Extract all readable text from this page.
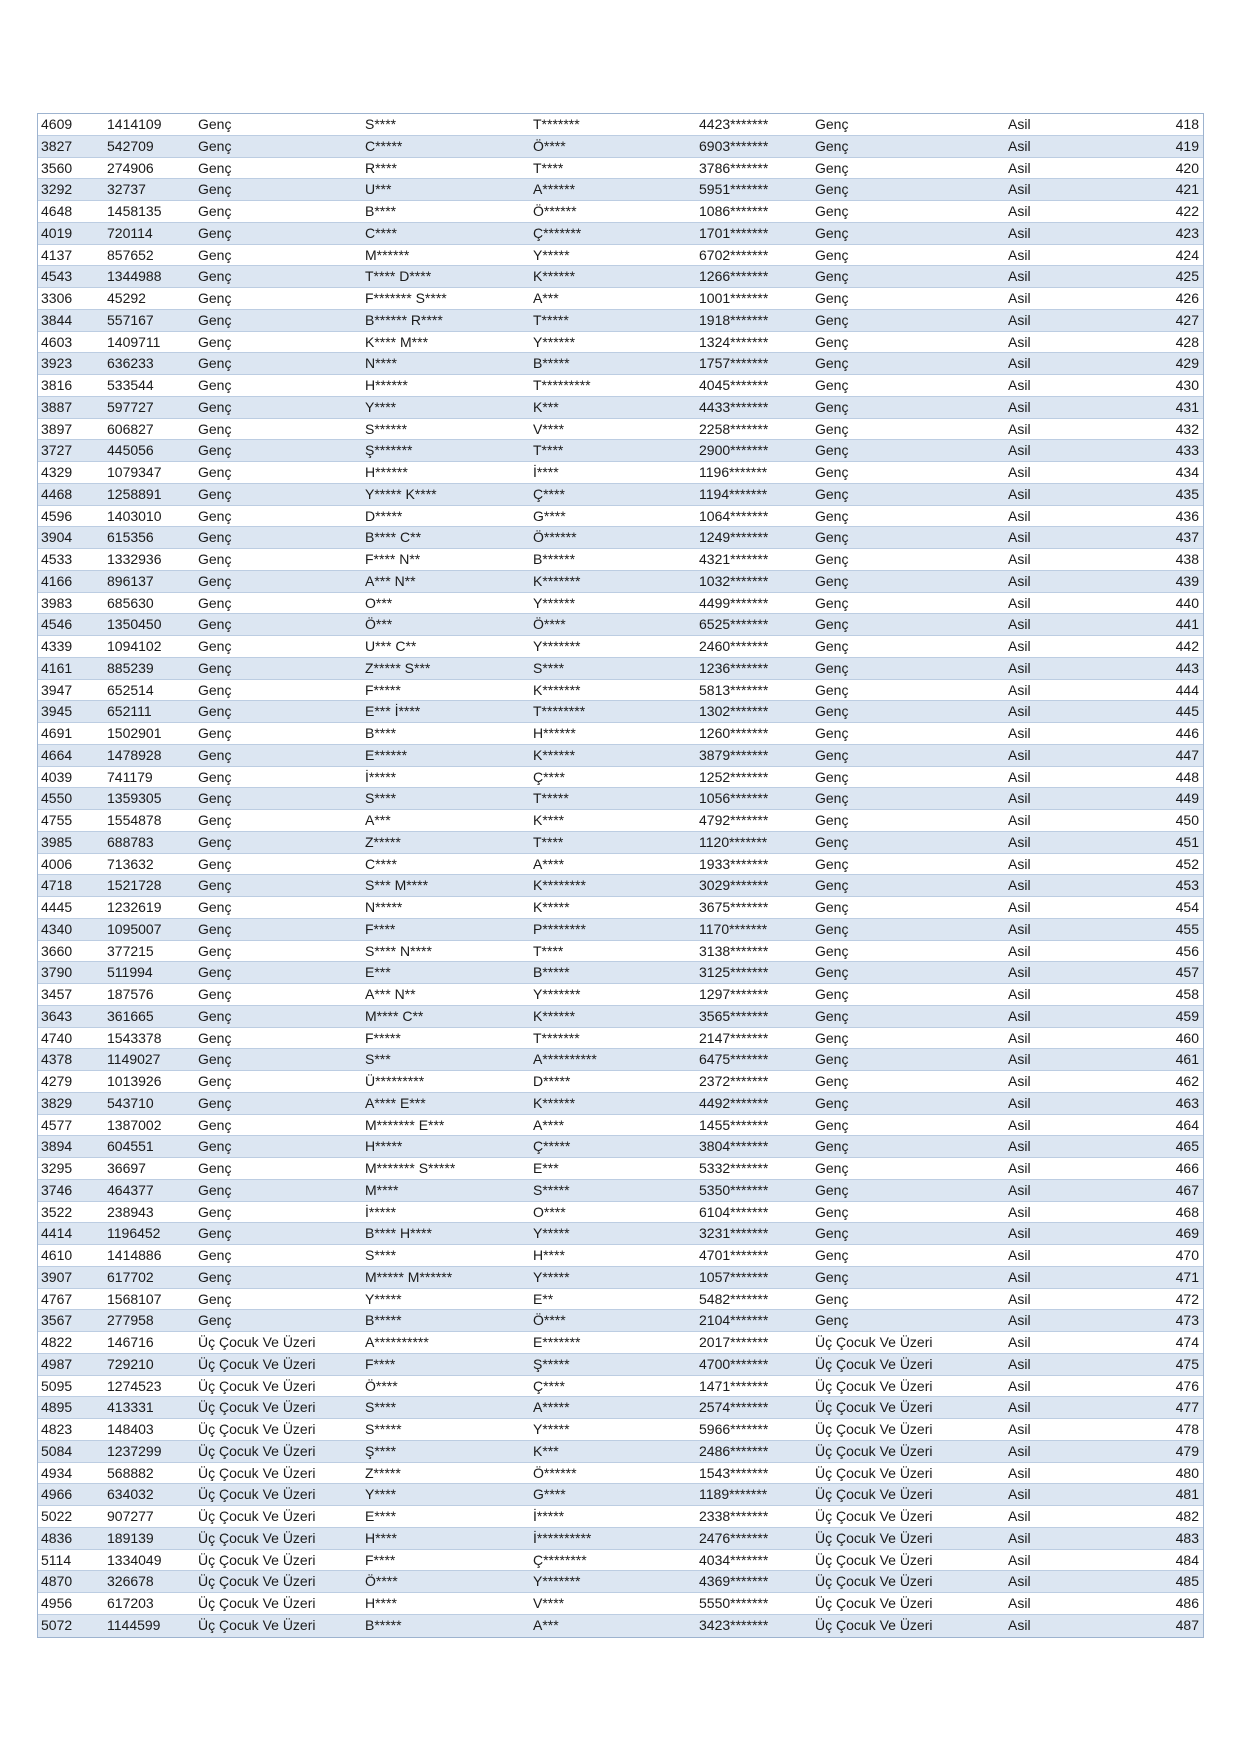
4609	1414109	Genç	S****	T*******	4423*******	Genç	Asil	418
3827	542709	Genç	C*****	Ö****	6903*******	Genç	Asil	419
3560	274906	Genç	R****	T****	3786*******	Genç	Asil	420
3292	32737	Genç	U***	A******	5951*******	Genç	Asil	421
4648	1458135	Genç	B****	Ö******	1086*******	Genç	Asil	422
4019	720114	Genç	C****	Ç*******	1701*******	Genç	Asil	423
4137	857652	Genç	M******	Y*****	6702*******	Genç	Asil	424
4543	1344988	Genç	T**** D****	K******	1266*******	Genç	Asil	425
3306	45292	Genç	F******* S****	A***	1001*******	Genç	Asil	426
3844	557167	Genç	B****** R****	T*****	1918*******	Genç	Asil	427
4603	1409711	Genç	K**** M***	Y******	1324*******	Genç	Asil	428
3923	636233	Genç	N****	B*****	1757*******	Genç	Asil	429
3816	533544	Genç	H******	T*********	4045*******	Genç	Asil	430
3887	597727	Genç	Y****	K***	4433*******	Genç	Asil	431
3897	606827	Genç	S******	V****	2258*******	Genç	Asil	432
3727	445056	Genç	Ş*******	T****	2900*******	Genç	Asil	433
4329	1079347	Genç	H******	İ****	1196*******	Genç	Asil	434
4468	1258891	Genç	Y***** K****	Ç****	1194*******	Genç	Asil	435
4596	1403010	Genç	D*****	G****	1064*******	Genç	Asil	436
3904	615356	Genç	B**** C**	Ö******	1249*******	Genç	Asil	437
4533	1332936	Genç	F**** N**	B******	4321*******	Genç	Asil	438
4166	896137	Genç	A*** N**	K*******	1032*******	Genç	Asil	439
3983	685630	Genç	O***	Y******	4499*******	Genç	Asil	440
4546	1350450	Genç	Ö***	Ö****	6525*******	Genç	Asil	441
4339	1094102	Genç	U*** C**	Y*******	2460*******	Genç	Asil	442
4161	885239	Genç	Z***** S***	S****	1236*******	Genç	Asil	443
3947	652514	Genç	F*****	K*******	5813*******	Genç	Asil	444
3945	652111	Genç	E*** İ****	T********	1302*******	Genç	Asil	445
4691	1502901	Genç	B****	H******	1260*******	Genç	Asil	446
4664	1478928	Genç	E******	K******	3879*******	Genç	Asil	447
4039	741179	Genç	İ*****	Ç****	1252*******	Genç	Asil	448
4550	1359305	Genç	S****	T*****	1056*******	Genç	Asil	449
4755	1554878	Genç	A***	K****	4792*******	Genç	Asil	450
3985	688783	Genç	Z*****	T****	1120*******	Genç	Asil	451
4006	713632	Genç	C****	A****	1933*******	Genç	Asil	452
4718	1521728	Genç	S*** M****	K********	3029*******	Genç	Asil	453
4445	1232619	Genç	N*****	K*****	3675*******	Genç	Asil	454
4340	1095007	Genç	F****	P********	1170*******	Genç	Asil	455
3660	377215	Genç	S**** N****	T****	3138*******	Genç	Asil	456
3790	511994	Genç	E***	B*****	3125*******	Genç	Asil	457
3457	187576	Genç	A*** N**	Y*******	1297*******	Genç	Asil	458
3643	361665	Genç	M**** C**	K******	3565*******	Genç	Asil	459
4740	1543378	Genç	F*****	T*******	2147*******	Genç	Asil	460
4378	1149027	Genç	S***	A**********	6475*******	Genç	Asil	461
4279	1013926	Genç	Ü*********	D*****	2372*******	Genç	Asil	462
3829	543710	Genç	A**** E***	K******	4492*******	Genç	Asil	463
4577	1387002	Genç	M******* E***	A****	1455*******	Genç	Asil	464
3894	604551	Genç	H*****	Ç*****	3804*******	Genç	Asil	465
3295	36697	Genç	M******* S*****	E***	5332*******	Genç	Asil	466
3746	464377	Genç	M****	S*****	5350*******	Genç	Asil	467
3522	238943	Genç	İ*****	O****	6104*******	Genç	Asil	468
4414	1196452	Genç	B**** H****	Y*****	3231*******	Genç	Asil	469
4610	1414886	Genç	S****	H****	4701*******	Genç	Asil	470
3907	617702	Genç	M***** M******	Y*****	1057*******	Genç	Asil	471
4767	1568107	Genç	Y*****	E**	5482*******	Genç	Asil	472
3567	277958	Genç	B*****	Ö****	2104*******	Genç	Asil	473
4822	146716	Üç Çocuk Ve Üzeri	A**********	E*******	2017*******	Üç Çocuk Ve Üzeri	Asil	474
4987	729210	Üç Çocuk Ve Üzeri	F****	Ş*****	4700*******	Üç Çocuk Ve Üzeri	Asil	475
5095	1274523	Üç Çocuk Ve Üzeri	Ö****	Ç****	1471*******	Üç Çocuk Ve Üzeri	Asil	476
4895	413331	Üç Çocuk Ve Üzeri	S****	A*****	2574*******	Üç Çocuk Ve Üzeri	Asil	477
4823	148403	Üç Çocuk Ve Üzeri	S*****	Y*****	5966*******	Üç Çocuk Ve Üzeri	Asil	478
5084	1237299	Üç Çocuk Ve Üzeri	Ş****	K***	2486*******	Üç Çocuk Ve Üzeri	Asil	479
4934	568882	Üç Çocuk Ve Üzeri	Z*****	Ö******	1543*******	Üç Çocuk Ve Üzeri	Asil	480
4966	634032	Üç Çocuk Ve Üzeri	Y****	G****	1189*******	Üç Çocuk Ve Üzeri	Asil	481
5022	907277	Üç Çocuk Ve Üzeri	E****	İ*****	2338*******	Üç Çocuk Ve Üzeri	Asil	482
4836	189139	Üç Çocuk Ve Üzeri	H****	İ**********	2476*******	Üç Çocuk Ve Üzeri	Asil	483
5114	1334049	Üç Çocuk Ve Üzeri	F****	Ç********	4034*******	Üç Çocuk Ve Üzeri	Asil	484
4870	326678	Üç Çocuk Ve Üzeri	Ö****	Y*******	4369*******	Üç Çocuk Ve Üzeri	Asil	485
4956	617203	Üç Çocuk Ve Üzeri	H****	V****	5550*******	Üç Çocuk Ve Üzeri	Asil	486
5072	1144599	Üç Çocuk Ve Üzeri	B*****	A***	3423*******	Üç Çocuk Ve Üzeri	Asil	487
